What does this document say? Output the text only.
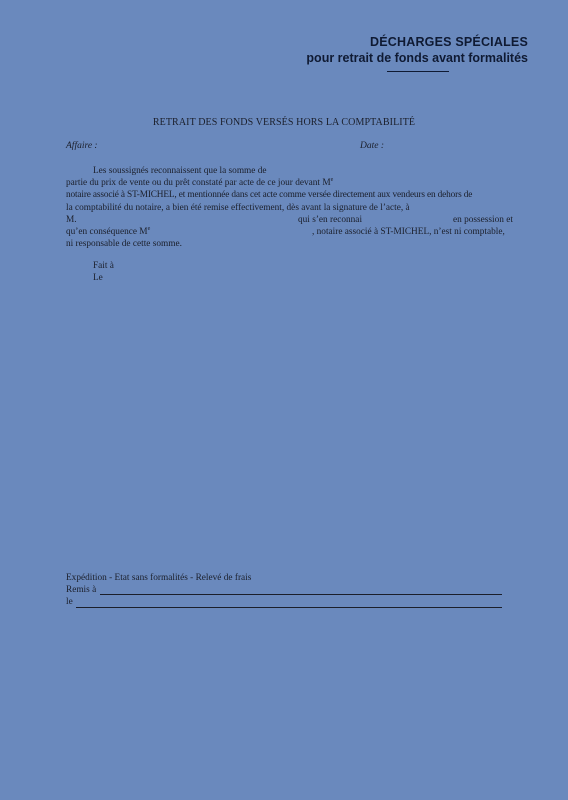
DÉCHARGES SPÉCIALES
pour retrait de fonds avant formalités
RETRAIT DES FONDS VERSÉS HORS LA COMPTABILITÉ
Affaire :	Date :
Les soussignés reconnaissent que la somme de
partie du prix de vente ou du prêt constaté par acte de ce jour devant Me
notaire associé à ST-MICHEL, et mentionnée dans cet acte comme versée directement aux vendeurs en dehors de
la comptabilité du notaire, a bien été remise effectivement, dès avant la signature de l’acte, à
M.	qui s’en reconnai	en possession et
qu’en conséquence Me	, notaire associé à ST-MICHEL, n’est ni comptable,
ni responsable de cette somme.
Fait à
Le
Expédition - Etat sans formalités - Relevé de frais
Remis à
le
